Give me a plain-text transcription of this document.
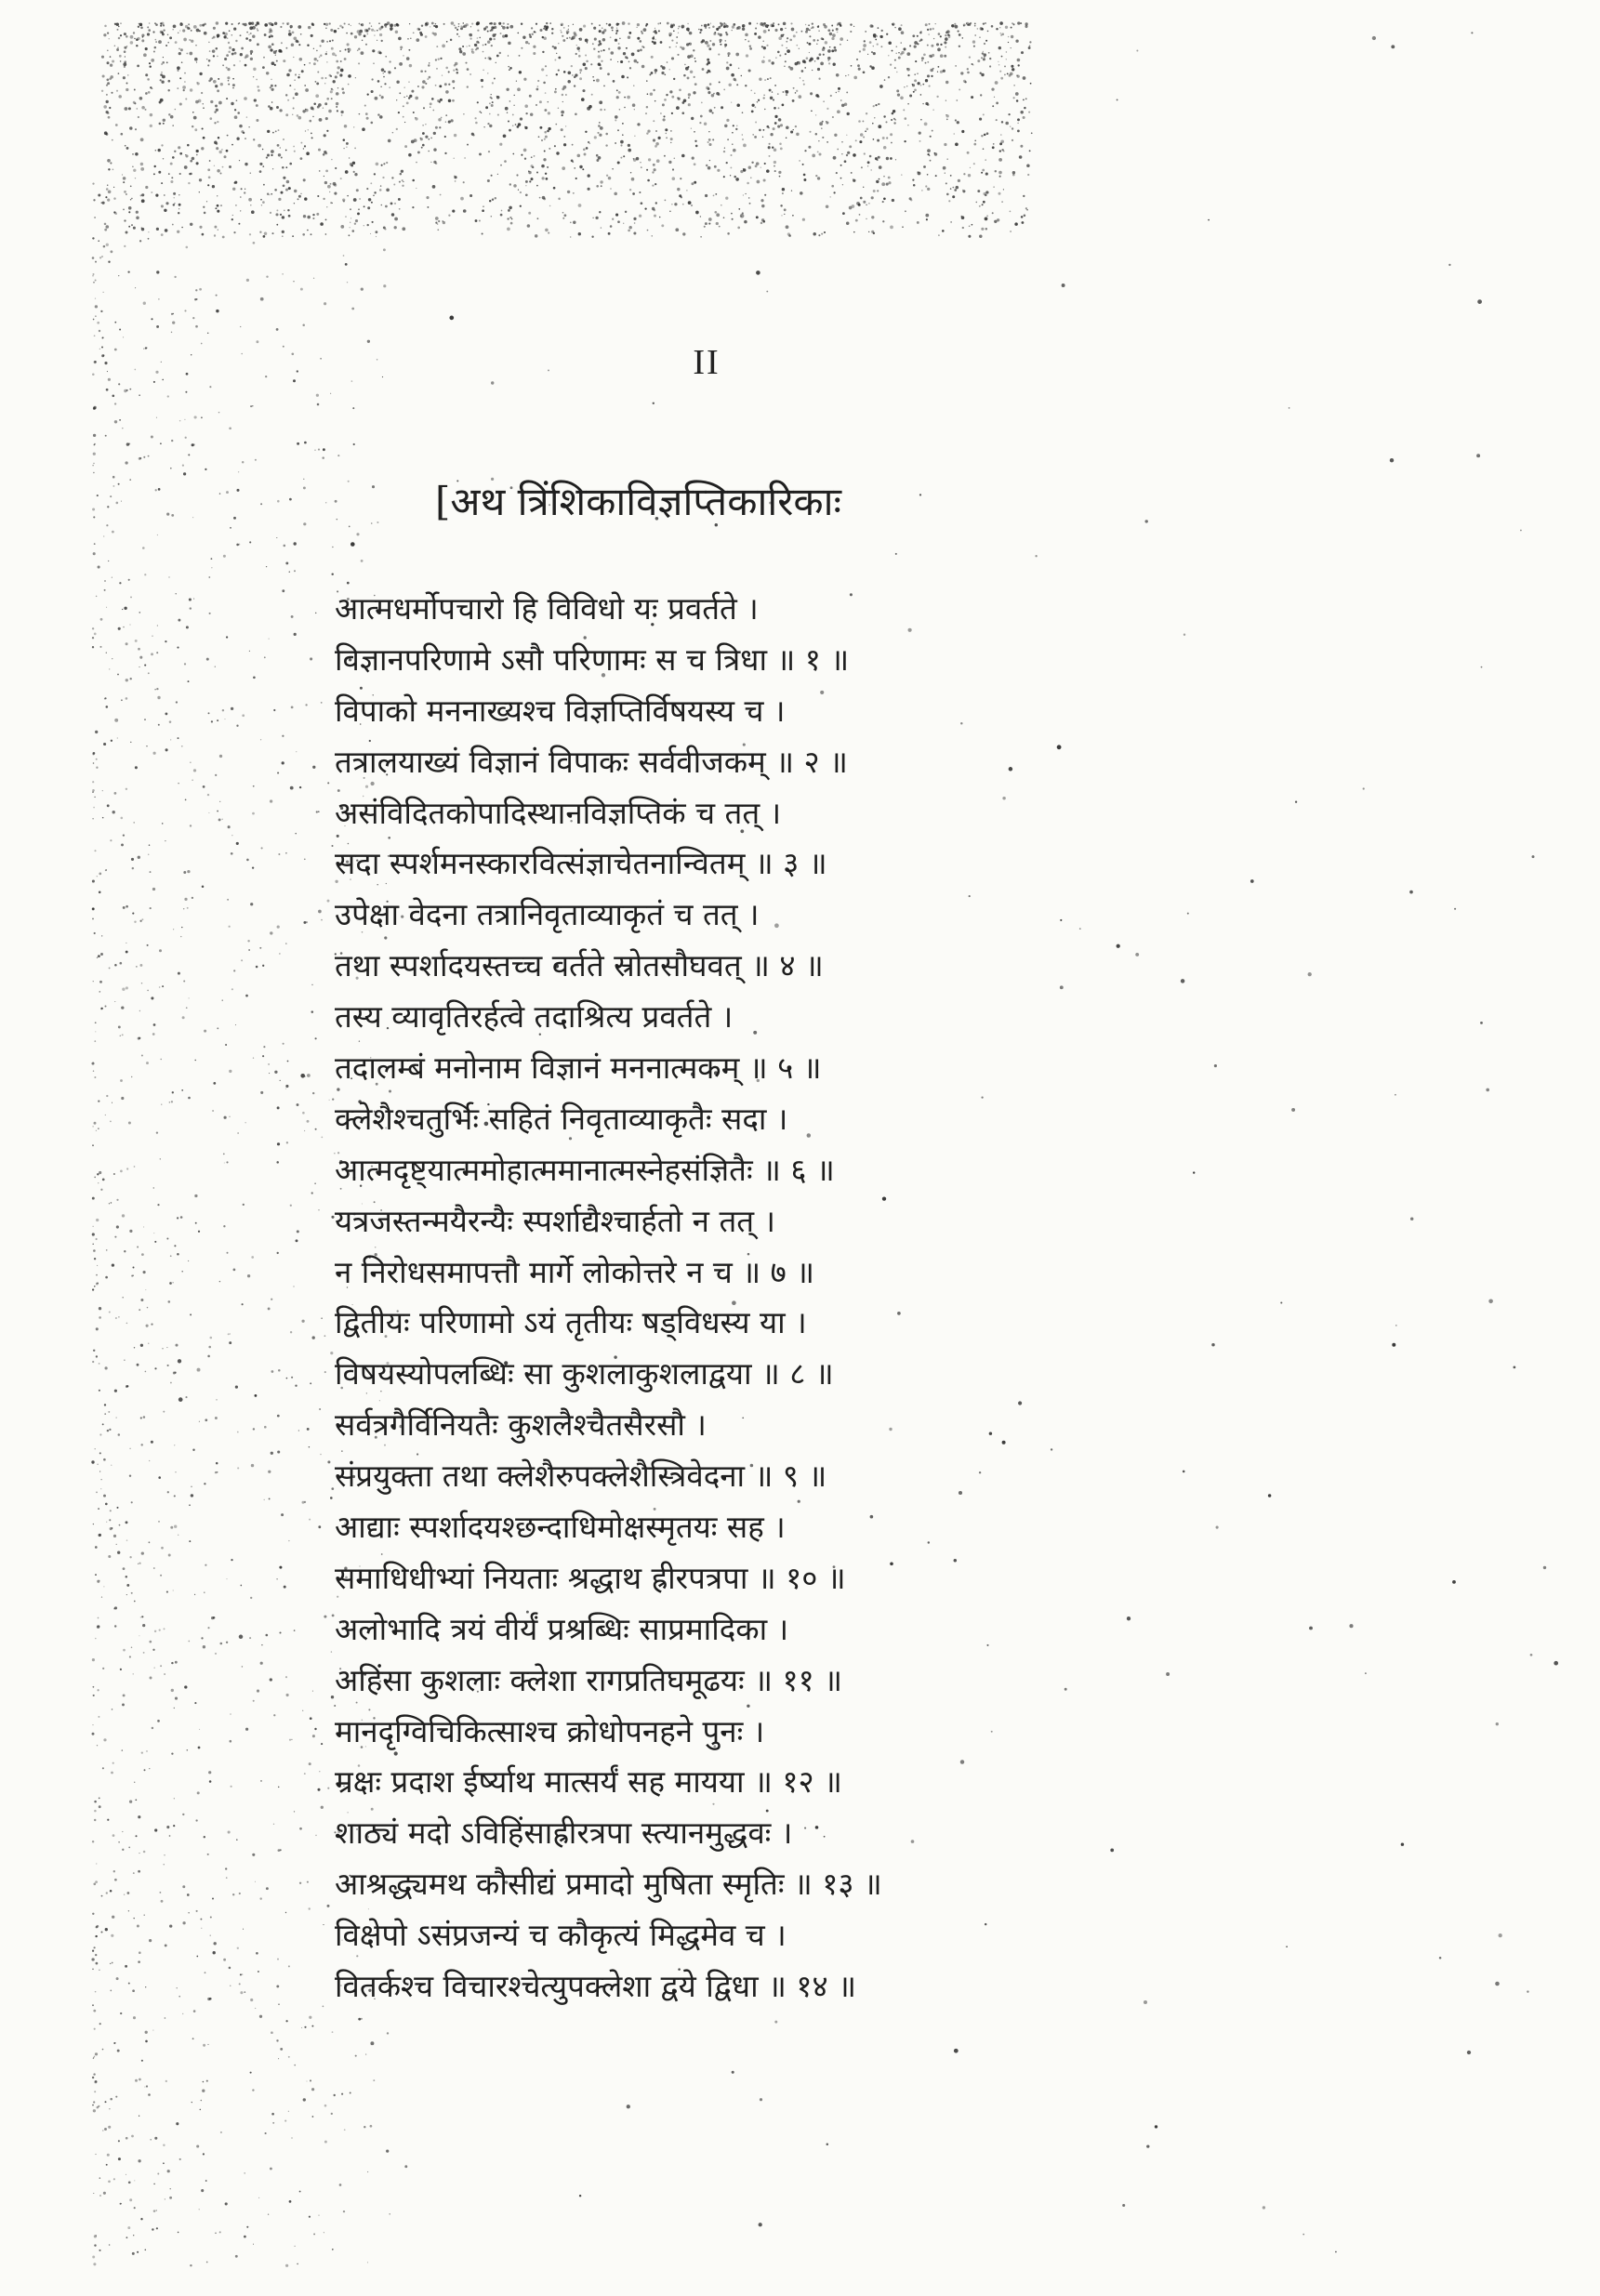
II
[अथ त्रिंशिकाविज्ञप्तिकारिकाः
आत्मधर्मोपचारो हि विविधो यः प्रवर्तते ।
विज्ञानपरिणामे ऽसौ परिणामः स च त्रिधा ॥ १ ॥
विपाको मननाख्यश्च विज्ञप्तिर्विषयस्य च ।
तत्रालयाख्यं विज्ञानं विपाकः सर्ववीजकम् ॥ २ ॥
असंविदितकोपादिस्थानविज्ञप्तिकं च तत् ।
सदा स्पर्शमनस्कारवित्संज्ञाचेतनान्वितम् ॥ ३ ॥
उपेक्षा वेदना तत्रानिवृताव्याकृतं च तत् ।
तथा स्पर्शादयस्तच्च वर्तते स्रोतसौघवत् ॥ ४ ॥
तस्य व्यावृतिरर्हत्वे तदाश्रित्य प्रवर्तते ।
तदालम्बं मनोनाम विज्ञानं मननात्मकम् ॥ ५ ॥
क्लेशैश्चतुर्भिः सहितं निवृताव्याकृतैः सदा ।
आत्मदृष्ट्यात्ममोहात्ममानात्मस्नेहसंज्ञितैः ॥ ६ ॥
यत्रजस्तन्मयैरन्यैः स्पर्शाद्यैश्चार्हतो न तत् ।
न निरोधसमापत्तौ मार्गे लोकोत्तरे न च ॥ ७ ॥
द्वितीयः परिणामो ऽयं तृतीयः षड्विधस्य या ।
विषयस्योपलब्धिः सा कुशलाकुशलाद्वया ॥ ८ ॥
सर्वत्रगैर्विनियतैः कुशलैश्चैतसैरसौ ।
संप्रयुक्ता तथा क्लेशैरुपक्लेशैस्त्रिवेदना ॥ ९ ॥
आद्याः स्पर्शादयश्छन्दाधिमोक्षस्मृतयः सह ।
समाधिधीभ्यां नियताः श्रद्धाथ ह्रीरपत्रपा ॥ १० ॥
अलोभादि त्रयं वीर्यं प्रश्रब्धिः साप्रमादिका ।
अहिंसा कुशलाः क्लेशा रागप्रतिघमूढयः ॥ ११ ॥
मानदृग्विचिकित्साश्च क्रोधोपनहने पुनः ।
म्रक्षः प्रदाश ईर्ष्याथ मात्सर्यं सह मायया ॥ १२ ॥
शाठ्यं मदो ऽविहिंसाह्रीरत्रपा स्त्यानमुद्धवः ।
आश्रद्ध्यमथ कौसीद्यं प्रमादो मुषिता स्मृतिः ॥ १३ ॥
विक्षेपो ऽसंप्रजन्यं च कौकृत्यं मिद्धमेव च ।
वितर्कश्च विचारश्चेत्युपक्लेशा द्वये द्विधा ॥ १४ ॥
